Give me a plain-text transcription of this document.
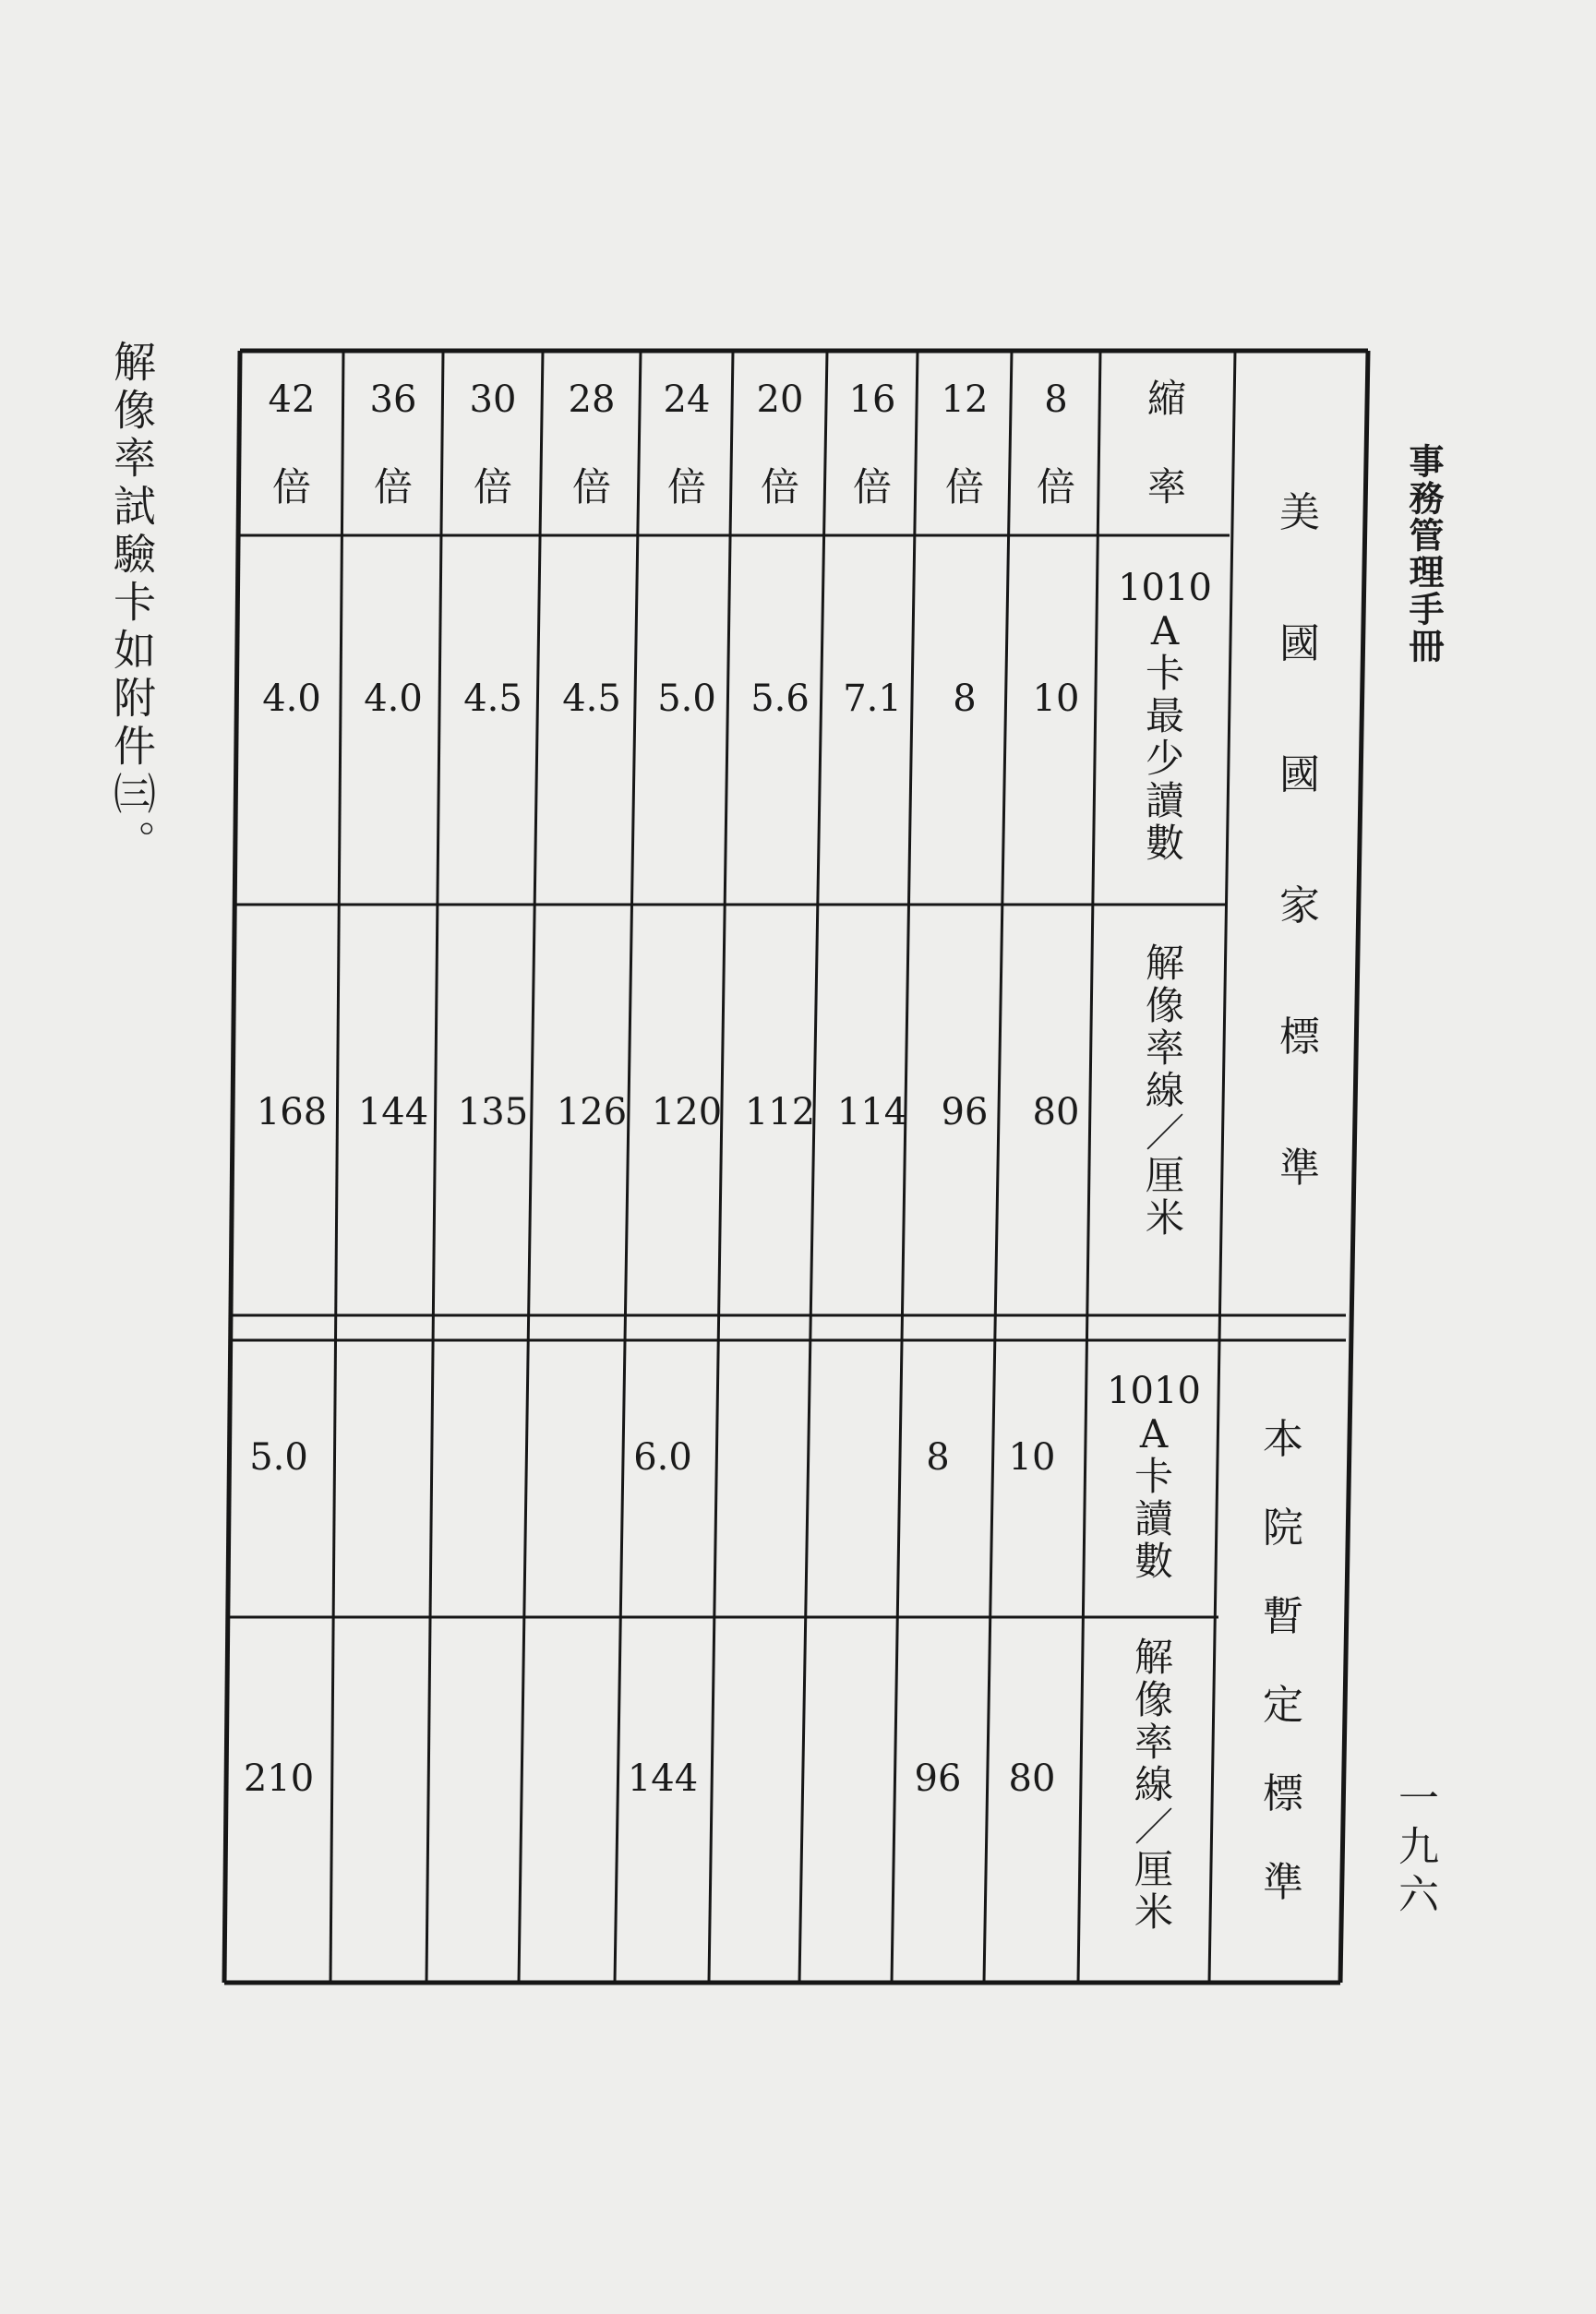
事務管理手冊
一九六
解像率試驗卡如附件㈢。	8
倍
12
倍
16
倍
20
倍
24
倍
28
倍
30
倍
36
倍
42
倍
縮率
1010
A 卡最少讀數
10
8
7.1
5.6
5.0
4.5
4.5
4.0
4.0
解像率線／厘米
80
96
114
112
120
126
135
144
168
1010
A 卡讀數
10
8
6.0
5.0
解像率線／厘米
80
96
144
210
美國國家標準
本院暫定標準
